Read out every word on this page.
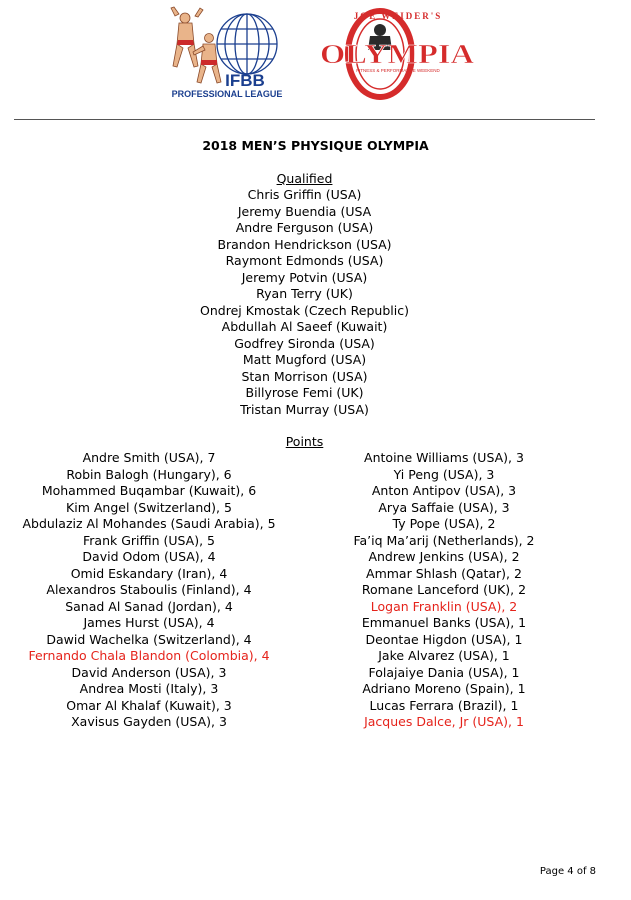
IFBB
PROFESSIONAL LEAGUE
JOE WEIDER'S
OLYMPIA
FITNESS & PERFORMANCE WEEKEND
2018 MEN’S PHYSIQUE OLYMPIA
Qualified
Chris Griffin (USA)
Jeremy Buendia (USA
Andre Ferguson (USA)
Brandon Hendrickson (USA)
Raymont Edmonds (USA)
Jeremy Potvin (USA)
Ryan Terry (UK)
Ondrej Kmostak (Czech Republic)
Abdullah Al Saeef (Kuwait)
Godfrey Sironda (USA)
Matt Mugford (USA)
Stan Morrison (USA)
Billyrose Femi (UK)
Tristan Murray (USA)
Points
Andre Smith (USA), 7
Robin Balogh (Hungary), 6
Mohammed Buqambar (Kuwait), 6
Kim Angel (Switzerland), 5
Abdulaziz Al Mohandes (Saudi Arabia), 5
Frank Griffin (USA), 5
David Odom (USA), 4
Omid Eskandary (Iran), 4
Alexandros Staboulis (Finland), 4
Sanad Al Sanad (Jordan), 4
James Hurst (USA), 4
Dawid Wachelka (Switzerland), 4
Fernando Chala Blandon (Colombia), 4
David Anderson (USA), 3
Andrea Mosti (Italy), 3
Omar Al Khalaf (Kuwait), 3
Xavisus Gayden (USA), 3
Antoine Williams (USA), 3
Yi Peng (USA), 3
Anton Antipov (USA), 3
Arya Saffaie (USA), 3
Ty Pope (USA), 2
Fa’iq Ma’arij (Netherlands), 2
Andrew Jenkins (USA), 2
Ammar Shlash (Qatar), 2
Romane Lanceford (UK), 2
Logan Franklin (USA), 2
Emmanuel Banks (USA), 1
Deontae Higdon (USA), 1
Jake Alvarez (USA), 1
Folajaiye Dania (USA), 1
Adriano Moreno (Spain), 1
Lucas Ferrara (Brazil), 1
Jacques Dalce, Jr (USA), 1
Page 4 of 8
